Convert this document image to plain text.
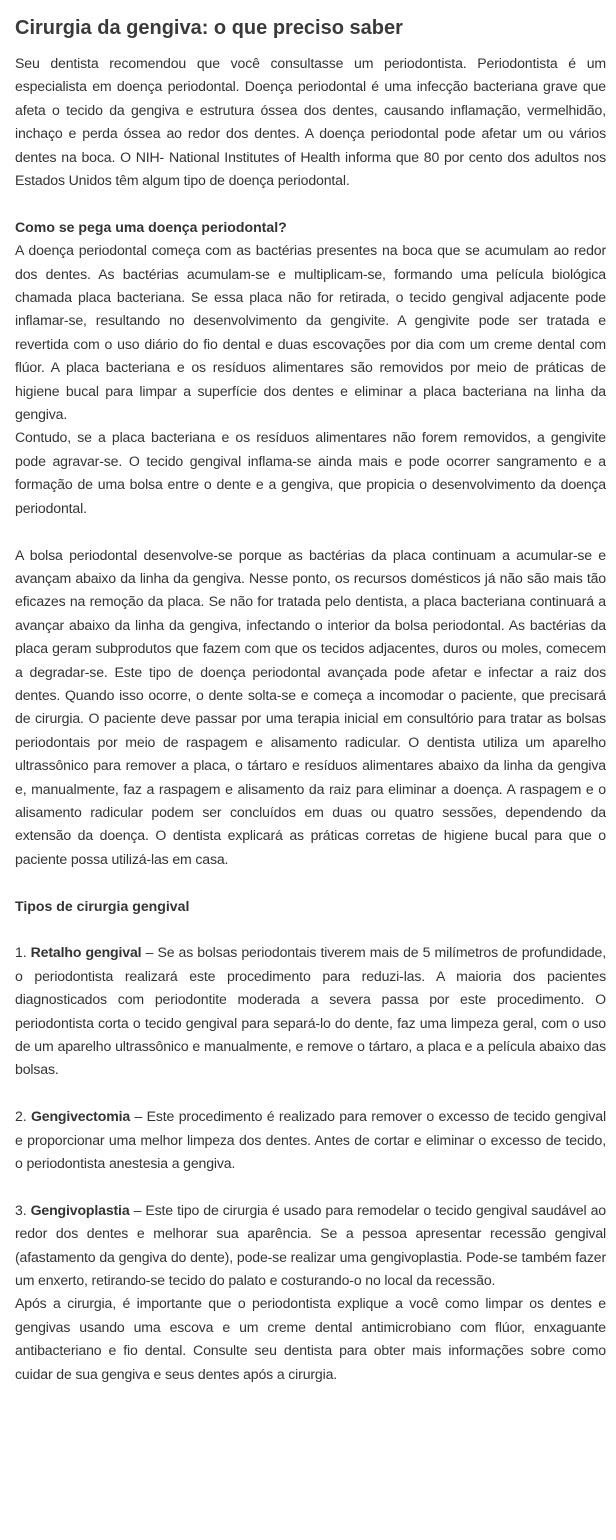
Cirurgia da gengiva: o que preciso saber

Seu dentista recomendou que você consultasse um periodontista. Periodontista é um especialista em doença periodontal. Doença periodontal é uma infecção bacteriana grave que afeta o tecido da gengiva e estrutura óssea dos dentes, causando inflamação, vermelhidão, inchaço e perda óssea ao redor dos dentes. A doença periodontal pode afetar um ou vários dentes na boca. O NIH- National Institutes of Health informa que 80 por cento dos adultos nos Estados Unidos têm algum tipo de doença periodontal.

Como se pega uma doença periodontal?

A doença periodontal começa com as bactérias presentes na boca que se acumulam ao redor dos dentes. As bactérias acumulam-se e multiplicam-se, formando uma película biológica chamada placa bacteriana. Se essa placa não for retirada, o tecido gengival adjacente pode inflamar-se, resultando no desenvolvimento da gengivite. A gengivite pode ser tratada e revertida com o uso diário do fio dental e duas escovações por dia com um creme dental com flúor. A placa bacteriana e os resíduos alimentares são removidos por meio de práticas de higiene bucal para limpar a superfície dos dentes e eliminar a placa bacteriana na linha da gengiva.

Contudo, se a placa bacteriana e os resíduos alimentares não forem removidos, a gengivite pode agravar-se. O tecido gengival inflama-se ainda mais e pode ocorrer sangramento e a formação de uma bolsa entre o dente e a gengiva, que propicia o desenvolvimento da doença periodontal.

A bolsa periodontal desenvolve-se porque as bactérias da placa continuam a acumular-se e avançam abaixo da linha da gengiva. Nesse ponto, os recursos domésticos já não são mais tão eficazes na remoção da placa. Se não for tratada pelo dentista, a placa bacteriana continuará a avançar abaixo da linha da gengiva, infectando o interior da bolsa periodontal. As bactérias da placa geram subprodutos que fazem com que os tecidos adjacentes, duros ou moles, comecem a degradar-se. Este tipo de doença periodontal avançada pode afetar e infectar a raiz dos dentes. Quando isso ocorre, o dente solta-se e começa a incomodar o paciente, que precisará de cirurgia. O paciente deve passar por uma terapia inicial em consultório para tratar as bolsas periodontais por meio de raspagem e alisamento radicular. O dentista utiliza um aparelho ultrassônico para remover a placa, o tártaro e resíduos alimentares abaixo da linha da gengiva e, manualmente, faz a raspagem e alisamento da raiz para eliminar a doença. A raspagem e o alisamento radicular podem ser concluídos em duas ou quatro sessões, dependendo da extensão da doença. O dentista explicará as práticas corretas de higiene bucal para que o paciente possa utilizá-las em casa.

Tipos de cirurgia gengival

1. Retalho gengival – Se as bolsas periodontais tiverem mais de 5 milímetros de profundidade, o periodontista realizará este procedimento para reduzi-las. A maioria dos pacientes diagnosticados com periodontite moderada a severa passa por este procedimento. O periodontista corta o tecido gengival para separá-lo do dente, faz uma limpeza geral, com o uso de um aparelho ultrassônico e manualmente, e remove o tártaro, a placa e a película abaixo das bolsas.

2. Gengivectomia – Este procedimento é realizado para remover o excesso de tecido gengival e proporcionar uma melhor limpeza dos dentes. Antes de cortar e eliminar o excesso de tecido, o periodontista anestesia a gengiva.

3. Gengivoplastia – Este tipo de cirurgia é usado para remodelar o tecido gengival saudável ao redor dos dentes e melhorar sua aparência. Se a pessoa apresentar recessão gengival (afastamento da gengiva do dente), pode-se realizar uma gengivoplastia. Pode-se também fazer um enxerto, retirando-se tecido do palato e costurando-o no local da recessão.

Após a cirurgia, é importante que o periodontista explique a você como limpar os dentes e gengivas usando uma escova e um creme dental antimicrobiano com flúor, enxaguante antibacteriano e fio dental. Consulte seu dentista para obter mais informações sobre como cuidar de sua gengiva e seus dentes após a cirurgia.
